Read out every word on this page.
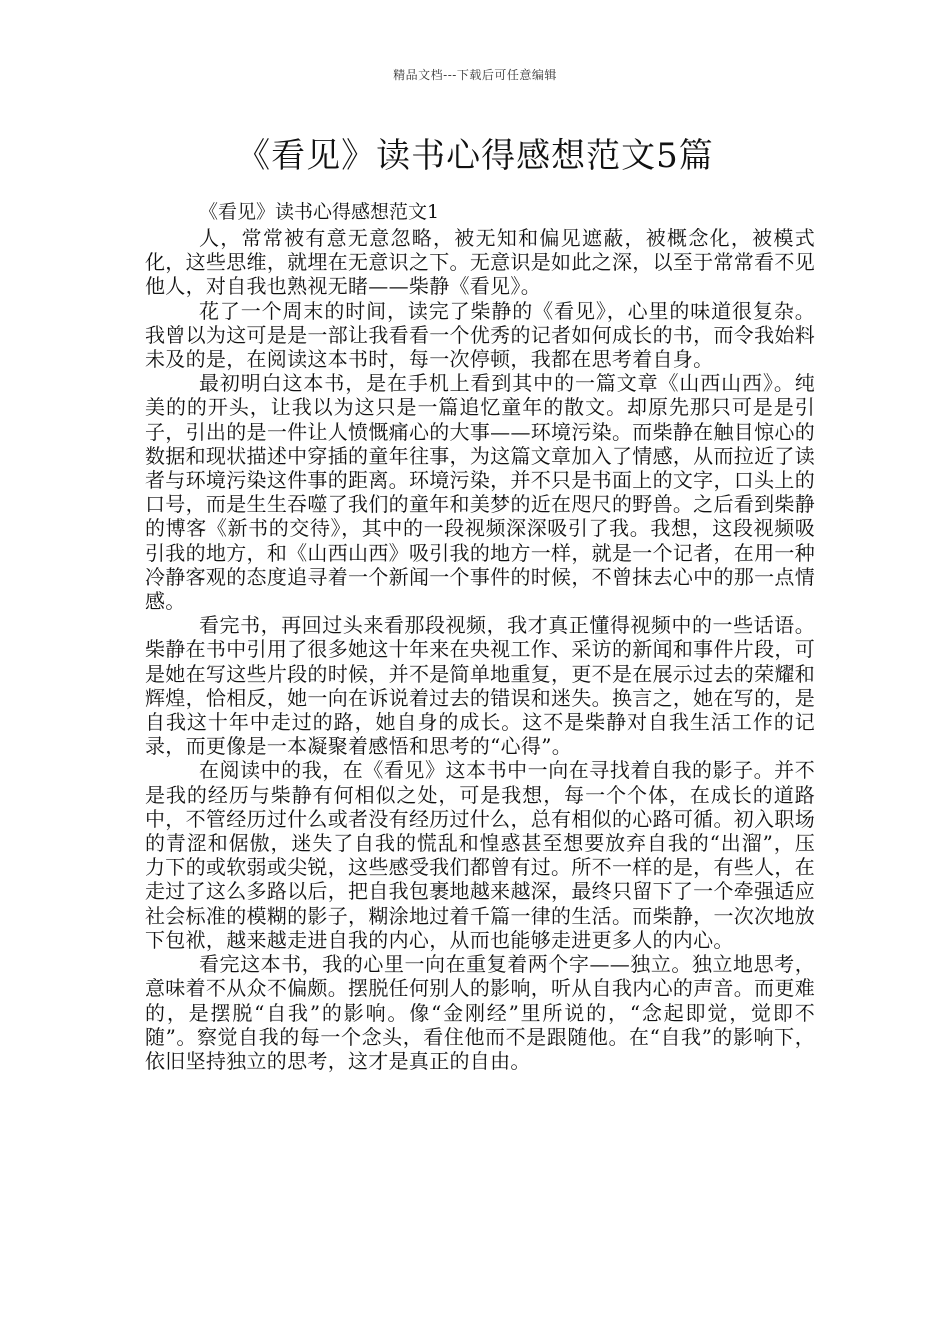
精品文档---下载后可任意编辑
《看见》读书心得感想范文5篇

《看见》读书心得感想范文1

人，常常被有意无意忽略，被无知和偏见遮蔽，被概念化，被模式化，这些思维，就埋在无意识之下。无意识是如此之深，以至于常常看不见他人，对自我也熟视无睹——柴静《看见》。

花了一个周末的时间，读完了柴静的《看见》，心里的味道很复杂。我曾以为这可是是一部让我看看一个优秀的记者如何成长的书，而令我始料未及的是，在阅读这本书时，每一次停顿，我都在思考着自身。

最初明白这本书，是在手机上看到其中的一篇文章《山西山西》。纯美的的开头，让我以为这只是一篇追忆童年的散文。却原先那只可是是引子，引出的是一件让人愤慨痛心的大事——环境污染。而柴静在触目惊心的数据和现状描述中穿插的童年往事，为这篇文章加入了情感，从而拉近了读者与环境污染这件事的距离。环境污染，并不只是书面上的文字，口头上的口号，而是生生吞噬了我们的童年和美梦的近在咫尺的野兽。之后看到柴静的博客《新书的交待》，其中的一段视频深深吸引了我。我想，这段视频吸引我的地方，和《山西山西》吸引我的地方一样，就是一个记者，在用一种冷静客观的态度追寻着一个新闻一个事件的时候，不曾抹去心中的那一点情感。

看完书，再回过头来看那段视频，我才真正懂得视频中的一些话语。柴静在书中引用了很多她这十年来在央视工作、采访的新闻和事件片段，可是她在写这些片段的时候，并不是简单地重复，更不是在展示过去的荣耀和辉煌，恰相反，她一向在诉说着过去的错误和迷失。换言之，她在写的，是自我这十年中走过的路，她自身的成长。这不是柴静对自我生活工作的记录，而更像是一本凝聚着感悟和思考的“心得”。

在阅读中的我，在《看见》这本书中一向在寻找着自我的影子。并不是我的经历与柴静有何相似之处，可是我想，每一个个体，在成长的道路中，不管经历过什么或者没有经历过什么，总有相似的心路可循。初入职场的青涩和倨傲，迷失了自我的慌乱和惶惑甚至想要放弃自我的“出溜”，压力下的或软弱或尖锐，这些感受我们都曾有过。所不一样的是，有些人，在走过了这么多路以后，把自我包裹地越来越深，最终只留下了一个牵强适应社会标准的模糊的影子，糊涂地过着千篇一律的生活。而柴静，一次次地放下包袱，越来越走进自我的内心，从而也能够走进更多人的内心。

看完这本书，我的心里一向在重复着两个字——独立。独立地思考，意味着不从众不偏颇。摆脱任何别人的影响，听从自我内心的声音。而更难的，是摆脱“自我”的影响。像“金刚经”里所说的，“念起即觉，觉即不随”。察觉自我的每一个念头，看住他而不是跟随他。在“自我”的影响下，依旧坚持独立的思考，这才是真正的自由。
